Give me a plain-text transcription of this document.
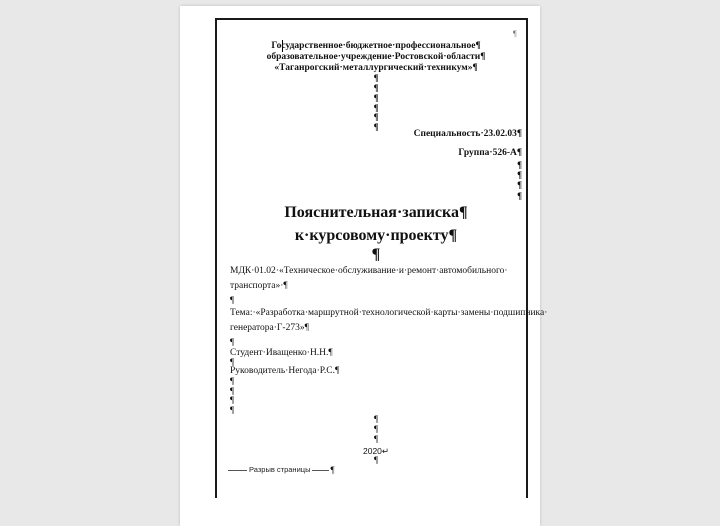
¶
Государственное·бюджетное·профессиональное¶
образовательное·учреждение·Ростовской·области¶
«Таганрогский·металлургический·техникум»¶
¶
¶
¶
¶
¶
¶
Специальность·23.02.03¶
Группа·526-А¶
¶
¶
¶
¶
Пояснительная·записка¶
к·курсовому·проекту¶
¶
МДК·01.02·«Техническое·обслуживание·и·ремонт·автомобильного·
транспорта»·¶
¶
Тема:·«Разработка·маршрутной·технологической·карты·замены·подшипника·
генератора·Г-273»¶
¶
Студент·Иващенко·Н.Н.¶
¶
Руководитель·Негода·Р.С.¶
¶
¶
¶
¶
¶
¶
¶
2020↵
¶
Разрыв страницы ¶
